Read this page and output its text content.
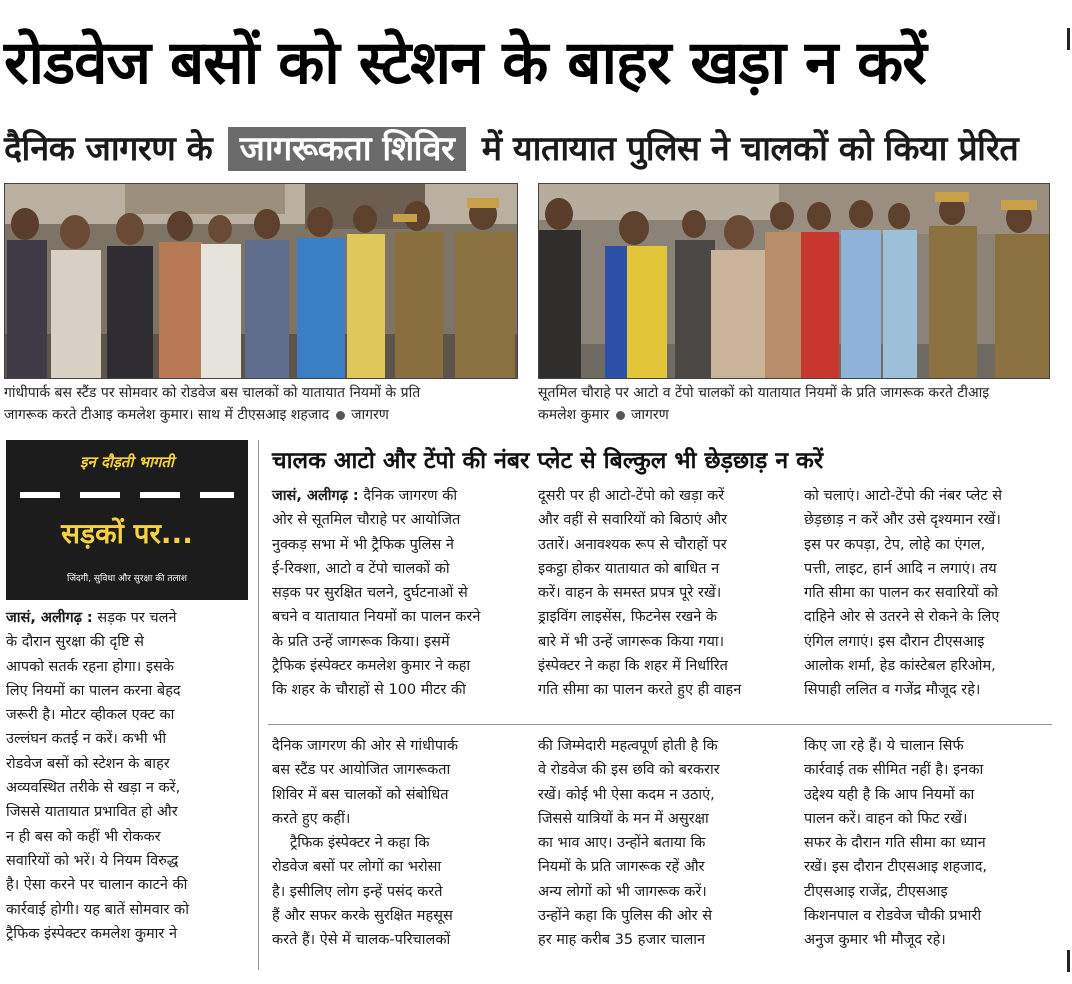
रोडवेज बसों को स्टेशन के बाहर खड़ा न करें
दैनिक जागरण के जागरूकता शिविर में यातायात पुलिस ने चालकों को किया प्रेरित
गांधीपार्क बस स्टैंड पर सोमवार को रोडवेज बस चालकों को यातायात नियमों के प्रति
जागरूक करते टीआइ कमलेश कुमार। साथ में टीएसआइ शहजाद जागरण
सूतमिल चौराहे पर आटो व टेंपो चालकों को यातायात नियमों के प्रति जागरूक करते टीआइ
कमलेश कुमार जागरण
इन दौड़ती भागती
सड़कों पर...
जिंदगी, सुविधा और सुरक्षा की तलाश
जासं, अलीगढ़ : सड़क पर चलने
के दौरान सुरक्षा की दृष्टि से
आपको सतर्क रहना होगा। इसके
लिए नियमों का पालन करना बेहद
जरूरी है। मोटर व्हीकल एक्ट का
उल्लंघन कतई न करें। कभी भी
रोडवेज बसों को स्टेशन के बाहर
अव्यवस्थित तरीके से खड़ा न करें,
जिससे यातायात प्रभावित हो और
न ही बस को कहीं भी रोककर
सवारियों को भरें। ये नियम विरुद्ध
है। ऐसा करने पर चालान काटने की
कार्रवाई होगी। यह बातें सोमवार को
ट्रैफिक इंस्पेक्टर कमलेश कुमार ने
चालक आटो और टेंपो की नंबर प्लेट से बिल्कुल भी छेड़छाड़ न करें
जासं, अलीगढ़ : दैनिक जागरण की
ओर से सूतमिल चौराहे पर आयोजित
नुक्कड़ सभा में भी ट्रैफिक पुलिस ने
ई-रिक्शा, आटो व टेंपो चालकों को
सड़क पर सुरक्षित चलने, दुर्घटनाओं से
बचने व यातायात नियमों का पालन करने
के प्रति उन्हें जागरूक किया। इसमें
ट्रैफिक इंस्पेक्टर कमलेश कुमार ने कहा
कि शहर के चौराहों से 100 मीटर की
दूसरी पर ही आटो-टेंपो को खड़ा करें
और वहीं से सवारियों को बिठाएं और
उतारें। अनावश्यक रूप से चौराहों पर
इकट्ठा होकर यातायात को बाधित न
करें। वाहन के समस्त प्रपत्र पूरे रखें।
ड्राइविंग लाइसेंस, फिटनेस रखने के
बारे में भी उन्हें जागरूक किया गया।
इंस्पेक्टर ने कहा कि शहर में निर्धारित
गति सीमा का पालन करते हुए ही वाहन
को चलाएं। आटो-टेंपो की नंबर प्लेट से
छेड़छाड़ न करें और उसे दृश्यमान रखें।
इस पर कपड़ा, टेप, लोहे का एंगल,
पत्ती, लाइट, हार्न आदि न लगाएं। तय
गति सीमा का पालन कर सवारियों को
दाहिने ओर से उतरने से रोकने के लिए
एंगिल लगाएं। इस दौरान टीएसआइ
आलोक शर्मा, हेड कांस्टेबल हरिओम,
सिपाही ललित व गजेंद्र मौजूद रहे।
दैनिक जागरण की ओर से गांधीपार्क
बस स्टैंड पर आयोजित जागरूकता
शिविर में बस चालकों को संबोधित
करते हुए कहीं।
ट्रैफिक इंस्पेक्टर ने कहा कि
रोडवेज बसों पर लोगों का भरोसा
है। इसीलिए लोग इन्हें पसंद करते
हैं और सफर करके सुरक्षित महसूस
करते हैं। ऐसे में चालक-परिचालकों
की जिम्मेदारी महत्वपूर्ण होती है कि
वे रोडवेज की इस छवि को बरकरार
रखें। कोई भी ऐसा कदम न उठाएं,
जिससे यात्रियों के मन में असुरक्षा
का भाव आए। उन्होंने बताया कि
नियमों के प्रति जागरूक रहें और
अन्य लोगों को भी जागरूक करें।
उन्होंने कहा कि पुलिस की ओर से
हर माह करीब 35 हजार चालान
किए जा रहे हैं। ये चालान सिर्फ
कार्रवाई तक सीमित नहीं है। इनका
उद्देश्य यही है कि आप नियमों का
पालन करें। वाहन को फिट रखें।
सफर के दौरान गति सीमा का ध्यान
रखें। इस दौरान टीएसआइ शहजाद,
टीएसआइ राजेंद्र, टीएसआइ
किशनपाल व रोडवेज चौकी प्रभारी
अनुज कुमार भी मौजूद रहे।
